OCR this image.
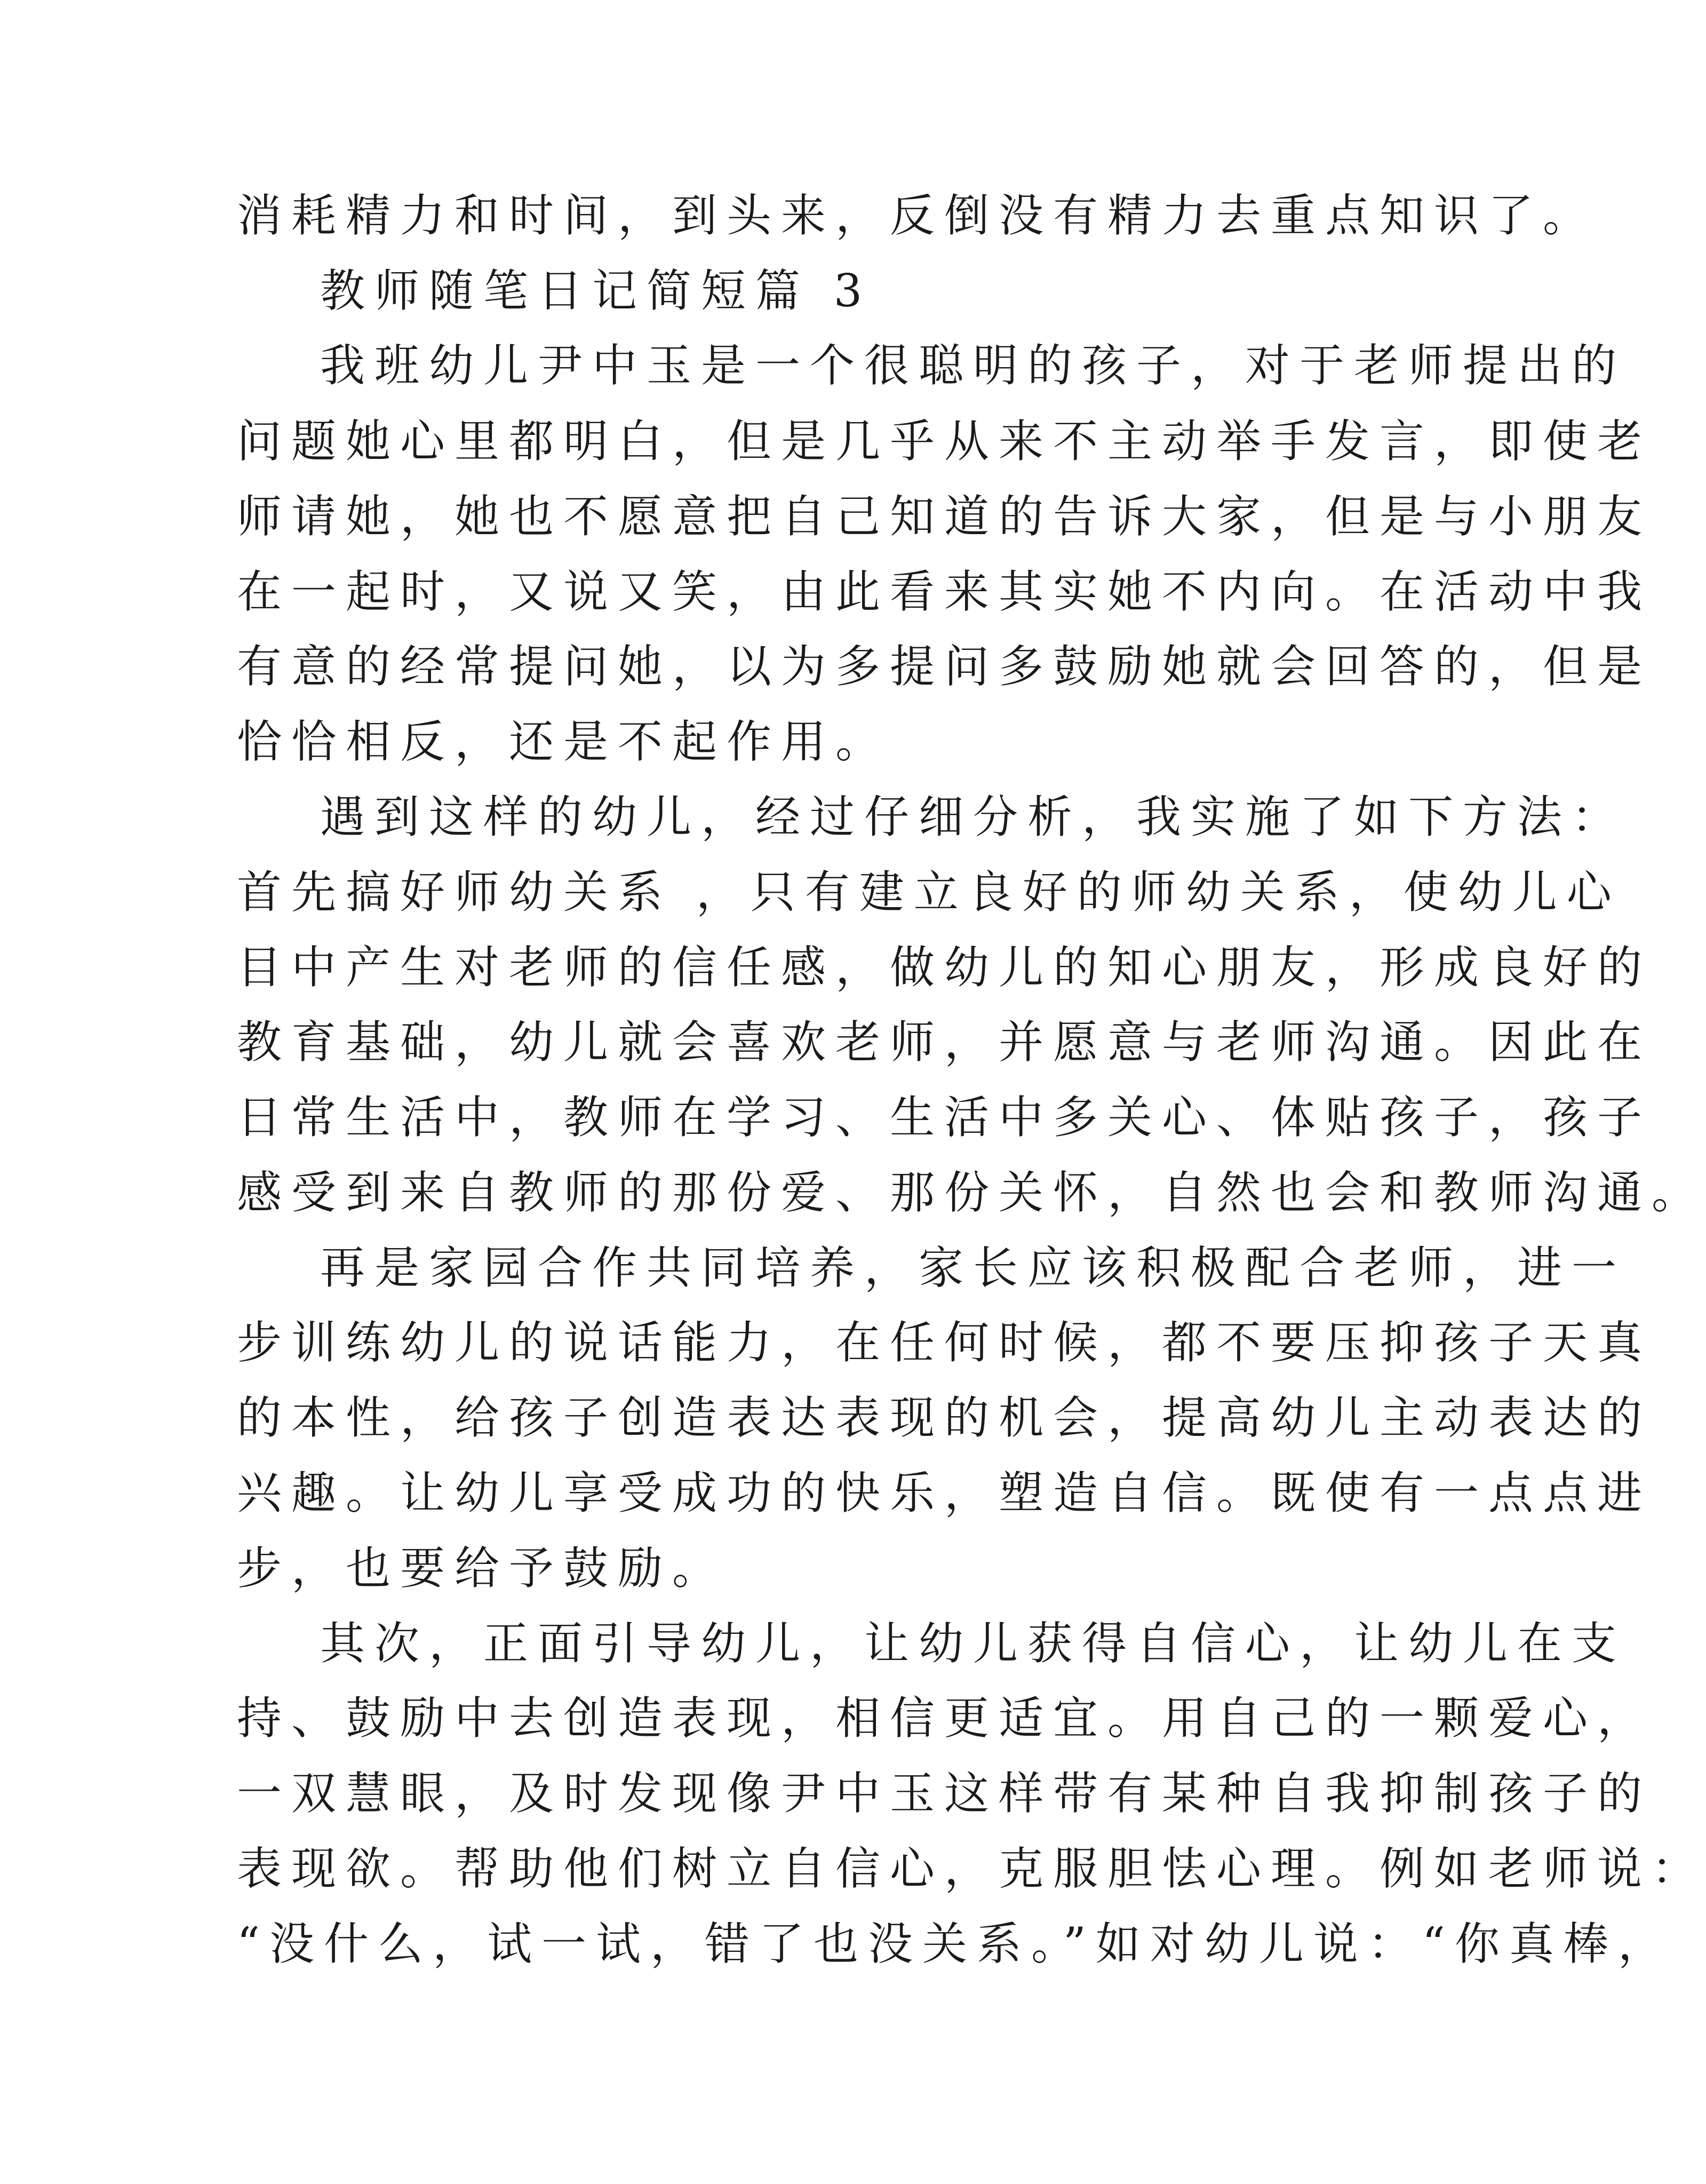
消耗精力和时间，到头来，反倒没有精力去重点知识了。
教师随笔日记简短篇 3
我班幼儿尹中玉是一个很聪明的孩子，对于老师提出的
问题她心里都明白，但是几乎从来不主动举手发言，即使老
师请她，她也不愿意把自己知道的告诉大家，但是与小朋友
在一起时，又说又笑，由此看来其实她不内向。在活动中我
有意的经常提问她，以为多提问多鼓励她就会回答的，但是
恰恰相反，还是不起作用。
遇到这样的幼儿，经过仔细分析，我实施了如下方法：
首先搞好师幼关系 ，只有建立良好的师幼关系，使幼儿心
目中产生对老师的信任感，做幼儿的知心朋友，形成良好的
教育基础，幼儿就会喜欢老师，并愿意与老师沟通。因此在
日常生活中，教师在学习、生活中多关心、体贴孩子，孩子
感受到来自教师的那份爱、那份关怀，自然也会和教师沟通。
再是家园合作共同培养，家长应该积极配合老师，进一
步训练幼儿的说话能力，在任何时候，都不要压抑孩子天真
的本性，给孩子创造表达表现的机会，提高幼儿主动表达的
兴趣。让幼儿享受成功的快乐，塑造自信。既使有一点点进
步，也要给予鼓励。
其次，正面引导幼儿，让幼儿获得自信心，让幼儿在支
持、鼓励中去创造表现，相信更适宜。用自己的一颗爱心，
一双慧眼，及时发现像尹中玉这样带有某种自我抑制孩子的
表现欲。帮助他们树立自信心，克服胆怯心理。例如老师说：
“没什么，试一试，错了也没关系。”如对幼儿说：“你真棒，
